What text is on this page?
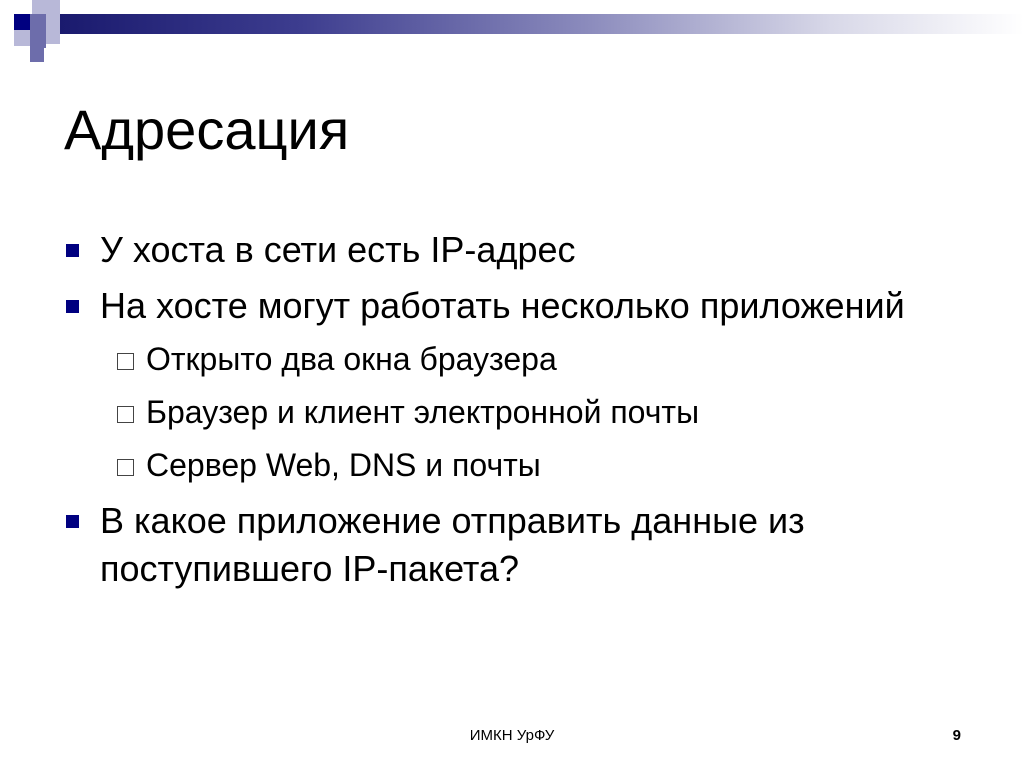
Адресация
У хоста в сети есть IP-адрес
На хосте могут работать несколько приложений
Открыто два окна браузера
Браузер и клиент электронной почты
Сервер Web, DNS и почты
В какое приложение отправить данные из поступившего IP-пакета?
ИМКН УрФУ	9
